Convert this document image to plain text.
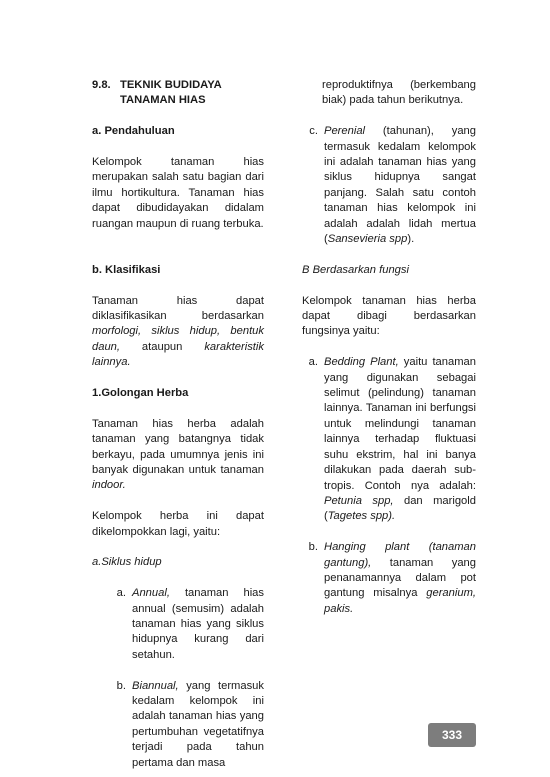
9.8. TEKNIK BUDIDAYA
TANAMAN HIAS

a. Pendahuluan

Kelompok tanaman hias merupakan salah satu bagian dari ilmu hortikultura. Tanaman hias dapat dibudidayakan didalam ruangan maupun di ruang terbuka.

b. Klasifikasi

Tanaman hias dapat diklasifikasikan berdasarkan morfologi, siklus hidup, bentuk daun, ataupun karakteristik lainnya.

1.Golongan Herba

Tanaman hias herba adalah tanaman yang batangnya tidak berkayu, pada umumnya jenis ini banyak digunakan untuk tanaman indoor.

Kelompok herba ini dapat dikelompokkan lagi, yaitu:

a.Siklus hidup

a. Annual, tanaman hias annual (semusim) adalah tanaman hias yang siklus hidupnya kurang dari setahun.
b. Biannual, yang termasuk kedalam kelompok ini adalah tanaman hias yang pertumbuhan vegetatifnya terjadi pada tahun pertama dan masa

reproduktifnya (berkembang biak) pada tahun berikutnya.

c. Perenial (tahunan), yang termasuk kedalam kelompok ini adalah tanaman hias yang siklus hidupnya sangat panjang. Salah satu contoh tanaman hias kelompok ini adalah adalah lidah mertua (Sansevieria spp).

B Berdasarkan fungsi

Kelompok tanaman hias herba dapat dibagi berdasarkan fungsinya yaitu:

a. Bedding Plant, yaitu tanaman yang digunakan sebagai selimut (pelindung) tanaman lainnya. Tanaman ini berfungsi untuk melindungi tanaman lainnya terhadap fluktuasi suhu ekstrim, hal ini banya dilakukan pada daerah sub-tropis. Contoh nya adalah: Petunia spp, dan marigold (Tagetes spp).
b. Hanging plant (tanaman gantung), tanaman yang penanamannya dalam pot gantung misalnya geranium, pakis.
333
